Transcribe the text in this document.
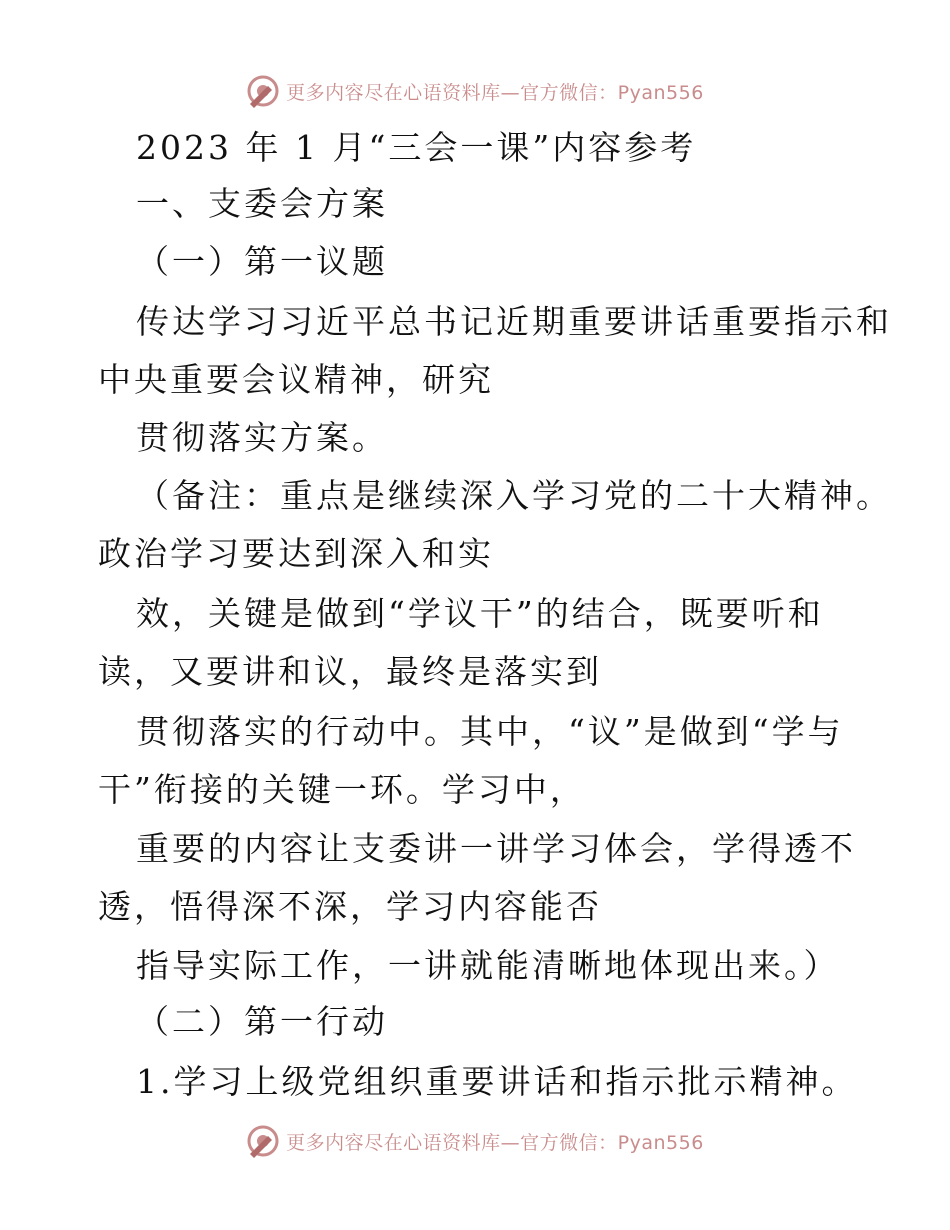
更多内容尽在心语资料库—官方微信：Pyan556
2023 年 1 月“三会一课”内容参考
一、支委会方案
（一）第一议题
传达学习习近平总书记近期重要讲话重要指示和
中央重要会议精神，研究
贯彻落实方案。
（备注：重点是继续深入学习党的二十大精神。
政治学习要达到深入和实
效，关键是做到“学议干”的结合，既要听和
读，又要讲和议，最终是落实到
贯彻落实的行动中。其中，“议”是做到“学与
干”衔接的关键一环。学习中，
重要的内容让支委讲一讲学习体会，学得透不
透，悟得深不深，学习内容能否
指导实际工作，一讲就能清晰地体现出来。）
（二）第一行动
1.学习上级党组织重要讲话和指示批示精神。
更多内容尽在心语资料库—官方微信：Pyan556
